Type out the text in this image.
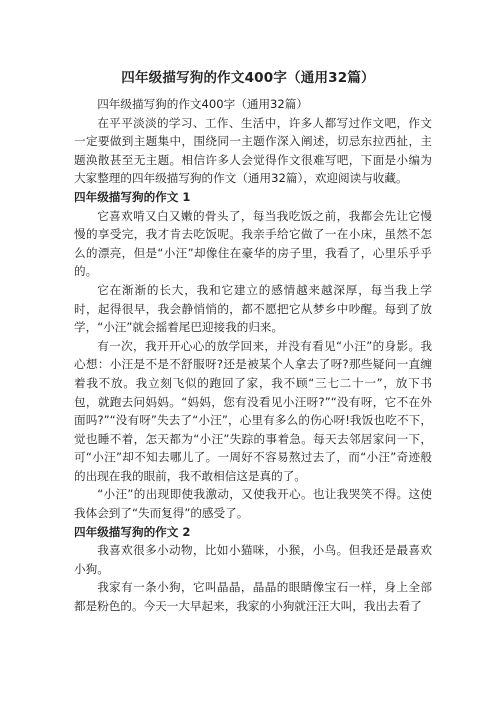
四年级描写狗的作文400字（通用32篇）

四年级描写狗的作文400字（通用32篇）

在平平淡淡的学习、工作、生活中，许多人都写过作文吧，作文一定要做到主题集中，围绕同一主题作深入阐述，切忌东拉西扯，主题涣散甚至无主题。相信许多人会觉得作文很难写吧，下面是小编为大家整理的四年级描写狗的作文（通用32篇），欢迎阅读与收藏。

四年级描写狗的作文 1

它喜欢啃又白又嫩的骨头了，每当我吃饭之前，我都会先让它慢慢的享受完，我才肯去吃饭呢。我亲手给它做了一在小床，虽然不怎么的漂亮，但是“小汪”却像住在豪华的房子里，我看了，心里乐乎乎的。

它在渐渐的长大，我和它建立的感情越来越深厚，每当我上学时，起得很早，我会静悄悄的，都不愿把它从梦乡中吵醒。每到了放学，“小汪”就会摇着尾巴迎接我的归来。

有一次，我开开心心的放学回来，并没有看见“小汪”的身影。我心想：小汪是不是不舒服呀?还是被某个人拿去了呀?那些疑问一直缠着我不放。我立刻飞似的跑回了家，我不顾“三七二十一”，放下书包，就跑去问妈妈。“妈妈，您有没看见小汪呀?”“没有呀，它不在外面吗?”“没有呀”失去了“小汪”，心里有多么的伤心呀!我饭也吃不下，觉也睡不着，怎天都为“小汪”失踪的事着急。每天去邻居家问一下，可“小汪”却不知去哪儿了。一周好不容易熬过去了，而“小汪”奇迹般的出现在我的眼前，我不敢相信这是真的了。

“小汪”的出现即使我激动，又使我开心。也让我哭笑不得。这使我体会到了“失而复得”的感受了。

四年级描写狗的作文 2

我喜欢很多小动物，比如小猫咪，小猴，小鸟。但我还是最喜欢小狗。

我家有一条小狗，它叫晶晶，晶晶的眼睛像宝石一样，身上全部都是粉色的。今天一大早起来，我家的小狗就汪汪大叫，我出去看了
